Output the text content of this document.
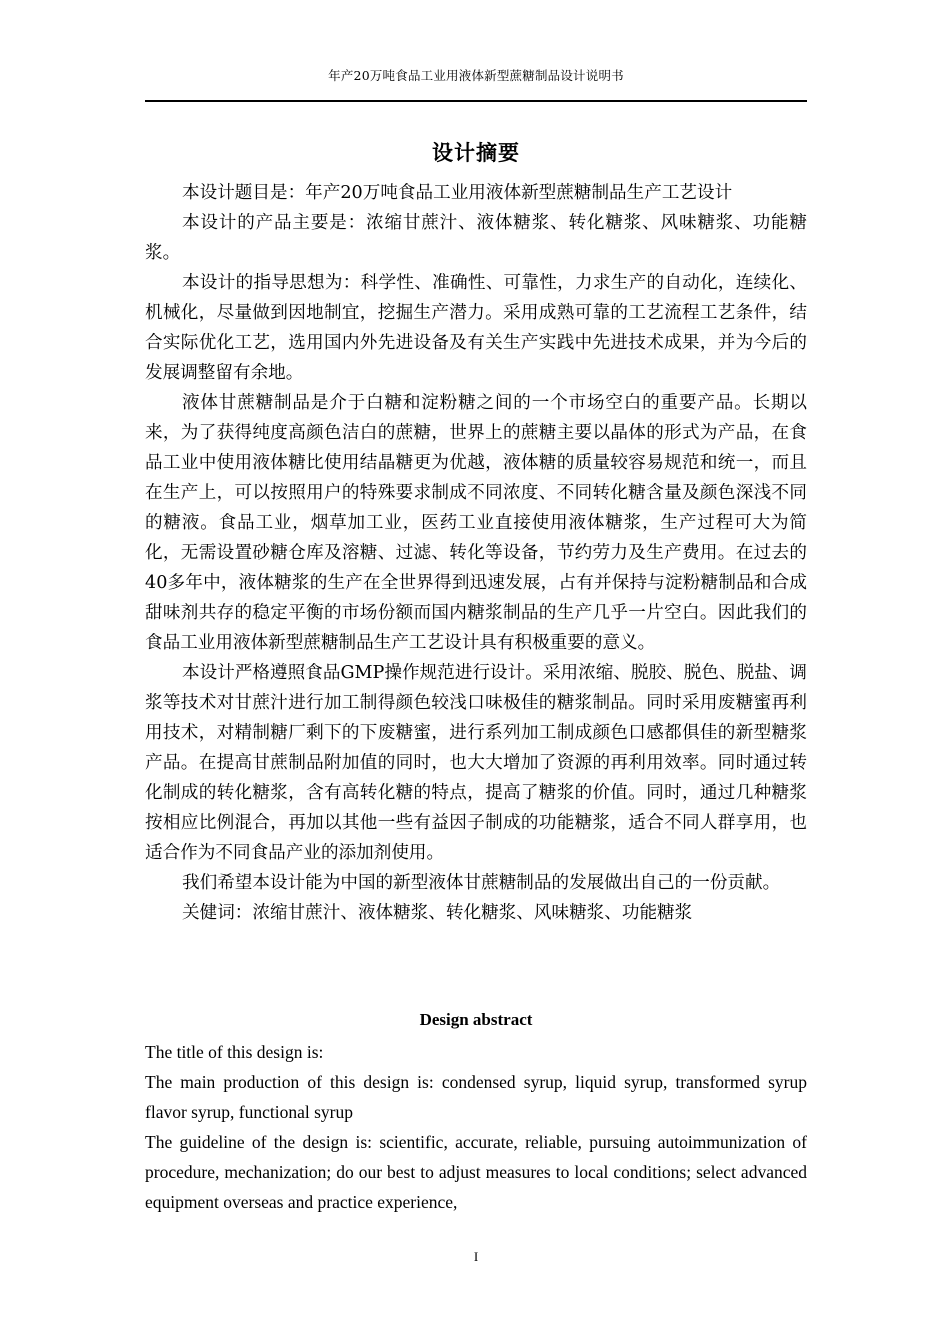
年产20万吨食品工业用液体新型蔗糖制品设计说明书
设计摘要

本设计题目是：年产20万吨食品工业用液体新型蔗糖制品生产工艺设计

本设计的产品主要是：浓缩甘蔗汁、液体糖浆、转化糖浆、风味糖浆、功能糖浆。

本设计的指导思想为：科学性、准确性、可靠性，力求生产的自动化，连续化、机械化，尽量做到因地制宜，挖掘生产潜力。采用成熟可靠的工艺流程工艺条件，结合实际优化工艺，选用国内外先进设备及有关生产实践中先进技术成果，并为今后的发展调整留有余地。

液体甘蔗糖制品是介于白糖和淀粉糖之间的一个市场空白的重要产品。长期以来，为了获得纯度高颜色洁白的蔗糖，世界上的蔗糖主要以晶体的形式为产品，在食品工业中使用液体糖比使用结晶糖更为优越，液体糖的质量较容易规范和统一，而且在生产上，可以按照用户的特殊要求制成不同浓度、不同转化糖含量及颜色深浅不同的糖液。食品工业，烟草加工业，医药工业直接使用液体糖浆，生产过程可大为简化，无需设置砂糖仓库及溶糖、过滤、转化等设备，节约劳力及生产费用。在过去的40多年中，液体糖浆的生产在全世界得到迅速发展，占有并保持与淀粉糖制品和合成甜味剂共存的稳定平衡的市场份额而国内糖浆制品的生产几乎一片空白。因此我们的食品工业用液体新型蔗糖制品生产工艺设计具有积极重要的意义。

本设计严格遵照食品GMP操作规范进行设计。采用浓缩、脱胶、脱色、脱盐、调浆等技术对甘蔗汁进行加工制得颜色较浅口味极佳的糖浆制品。同时采用废糖蜜再利用技术，对精制糖厂剩下的下废糖蜜，进行系列加工制成颜色口感都俱佳的新型糖浆产品。在提高甘蔗制品附加值的同时，也大大增加了资源的再利用效率。同时通过转化制成的转化糖浆，含有高转化糖的特点，提高了糖浆的价值。同时，通过几种糖浆按相应比例混合，再加以其他一些有益因子制成的功能糖浆，适合不同人群享用，也适合作为不同食品产业的添加剂使用。

我们希望本设计能为中国的新型液体甘蔗糖制品的发展做出自己的一份贡献。

关健词：浓缩甘蔗汁、液体糖浆、转化糖浆、风味糖浆、功能糖浆

Design abstract

The title of this design is:

The main production of this design is: condensed syrup, liquid syrup, transformed syrup flavor syrup, functional syrup

The guideline of the design is: scientific, accurate, reliable, pursuing autoimmunization of procedure, mechanization; do our best to adjust measures to local conditions; select advanced equipment overseas and practice experience,

I
